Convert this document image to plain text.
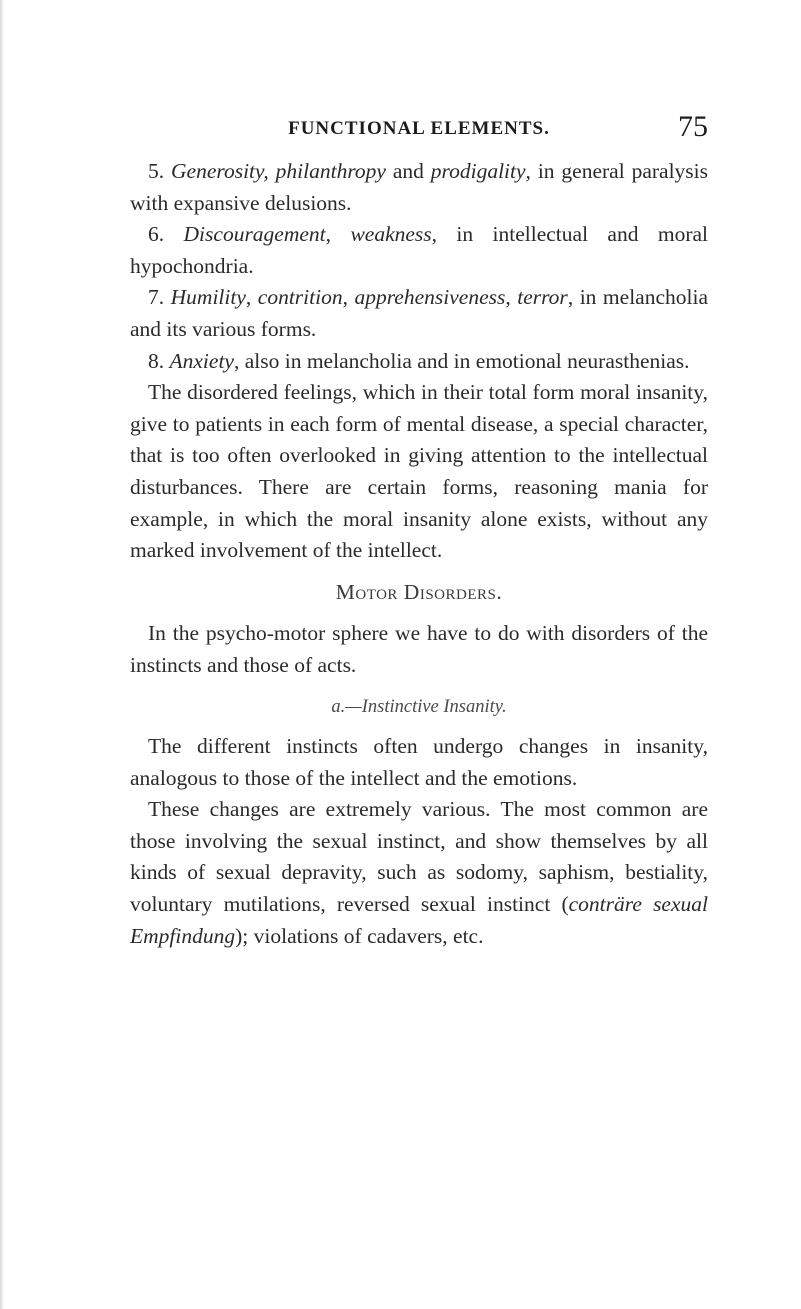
FUNCTIONAL ELEMENTS.	75

5. Generosity, philanthropy and prodigality, in general paralysis with expansive delusions.

6. Discouragement, weakness, in intellectual and moral hypochondria.

7. Humility, contrition, apprehensiveness, terror, in melancholia and its various forms.

8. Anxiety, also in melancholia and in emotional neurasthenias.

The disordered feelings, which in their total form moral insanity, give to patients in each form of mental disease, a special character, that is too often overlooked in giving attention to the intellectual disturbances. There are certain forms, reasoning mania for example, in which the moral insanity alone exists, without any marked involvement of the intellect.

Motor Disorders.

In the psycho-motor sphere we have to do with disorders of the instincts and those of acts.

a.—Instinctive Insanity.

The different instincts often undergo changes in insanity, analogous to those of the intellect and the emotions.

These changes are extremely various. The most common are those involving the sexual instinct, and show themselves by all kinds of sexual depravity, such as sodomy, saphism, bestiality, voluntary mutilations, reversed sexual instinct (conträre sexual Empfindung); violations of cadavers, etc.
